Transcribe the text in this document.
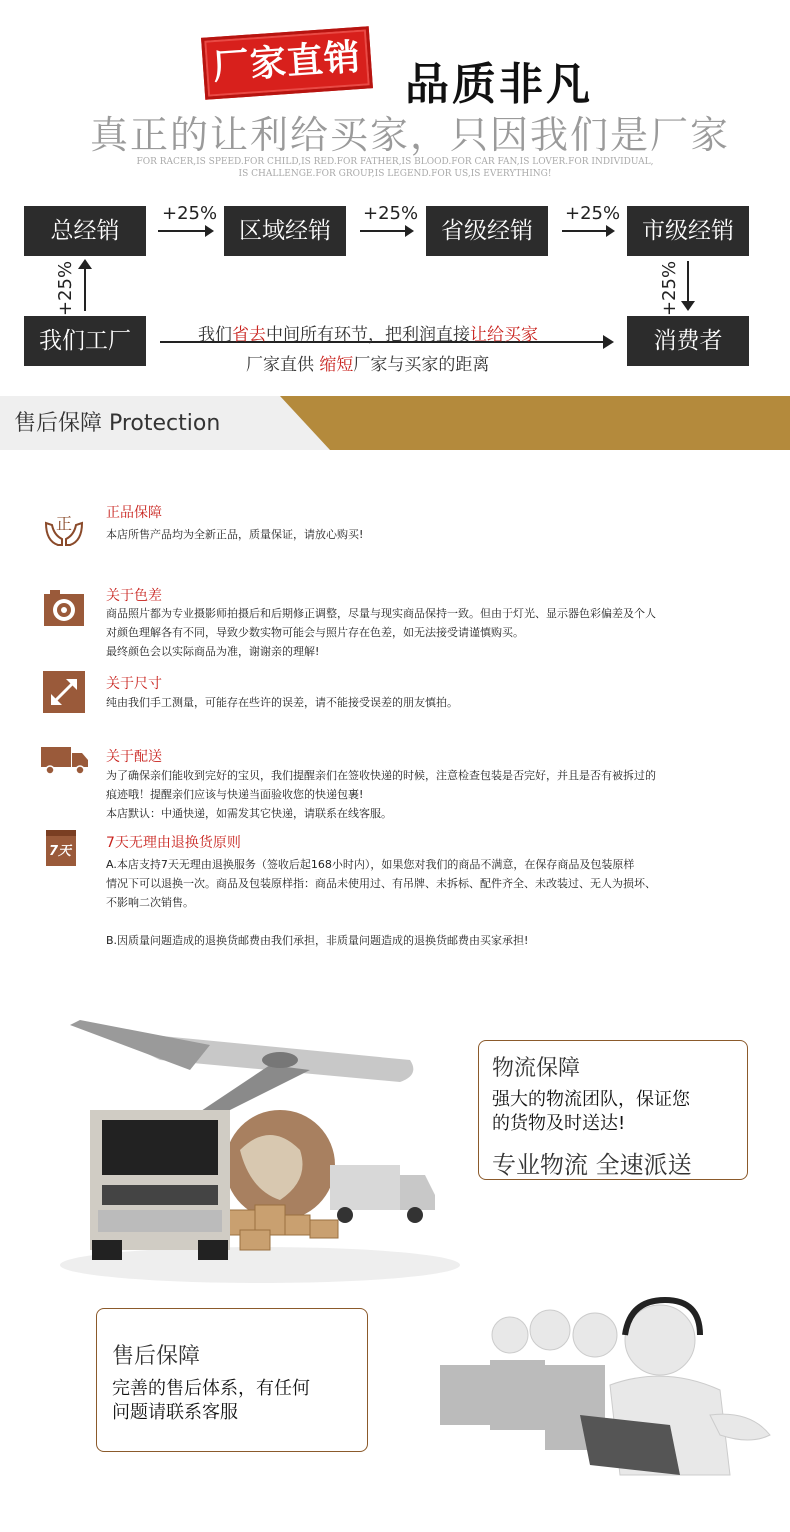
厂家直销 品质非凡
真正的让利给买家，只因我们是厂家
FOR RACER,IS SPEED.FOR CHILD,IS RED.FOR FATHER,IS BLOOD.FOR CAR FAN,IS LOVER.FOR INDIVIDUAL,
IS CHALLENGE.FOR GROUP,IS LEGEND.FOR US,IS EVERYTHING!
总经销	区域经销	省级经销	市级经销
我们工厂	消费者
+25%	+25%	+25%
+25%	+25%
我们省去中间所有环节，把利润直接让给买家
厂家直供 缩短厂家与买家的距离
售后保障 Protection
正
正品保障
本店所售产品均为全新正品，质量保证，请放心购买!
关于色差
商品照片都为专业摄影师拍摄后和后期修正调整，尽量与现实商品保持一致。但由于灯光、显示器色彩偏差及个人
对颜色理解各有不同，导致少数实物可能会与照片存在色差，如无法接受请谨慎购买。
最终颜色会以实际商品为准，谢谢亲的理解!
关于尺寸
纯由我们手工测量，可能存在些许的误差，请不能接受误差的朋友慎拍。
关于配送
为了确保亲们能收到完好的宝贝，我们提醒亲们在签收快递的时候，注意检查包装是否完好，并且是否有被拆过的
痕迹哦！提醒亲们应该与快递当面验收您的快递包裹!
本店默认：中通快递，如需发其它快递，请联系在线客服。
7天
7天无理由退换货原则
A.本店支持7天无理由退换服务（签收后起168小时内），如果您对我们的商品不满意，在保存商品及包装原样
情况下可以退换一次。商品及包装原样指：商品未使用过、有吊牌、未拆标、配件齐全、未改装过、无人为损坏、
不影响二次销售。
B.因质量问题造成的退换货邮费由我们承担，非质量问题造成的退换货邮费由买家承担!
物流保障
强大的物流团队，保证您
的货物及时送达!
专业物流 全速派送
售后保障
完善的售后体系，有任何
问题请联系客服
